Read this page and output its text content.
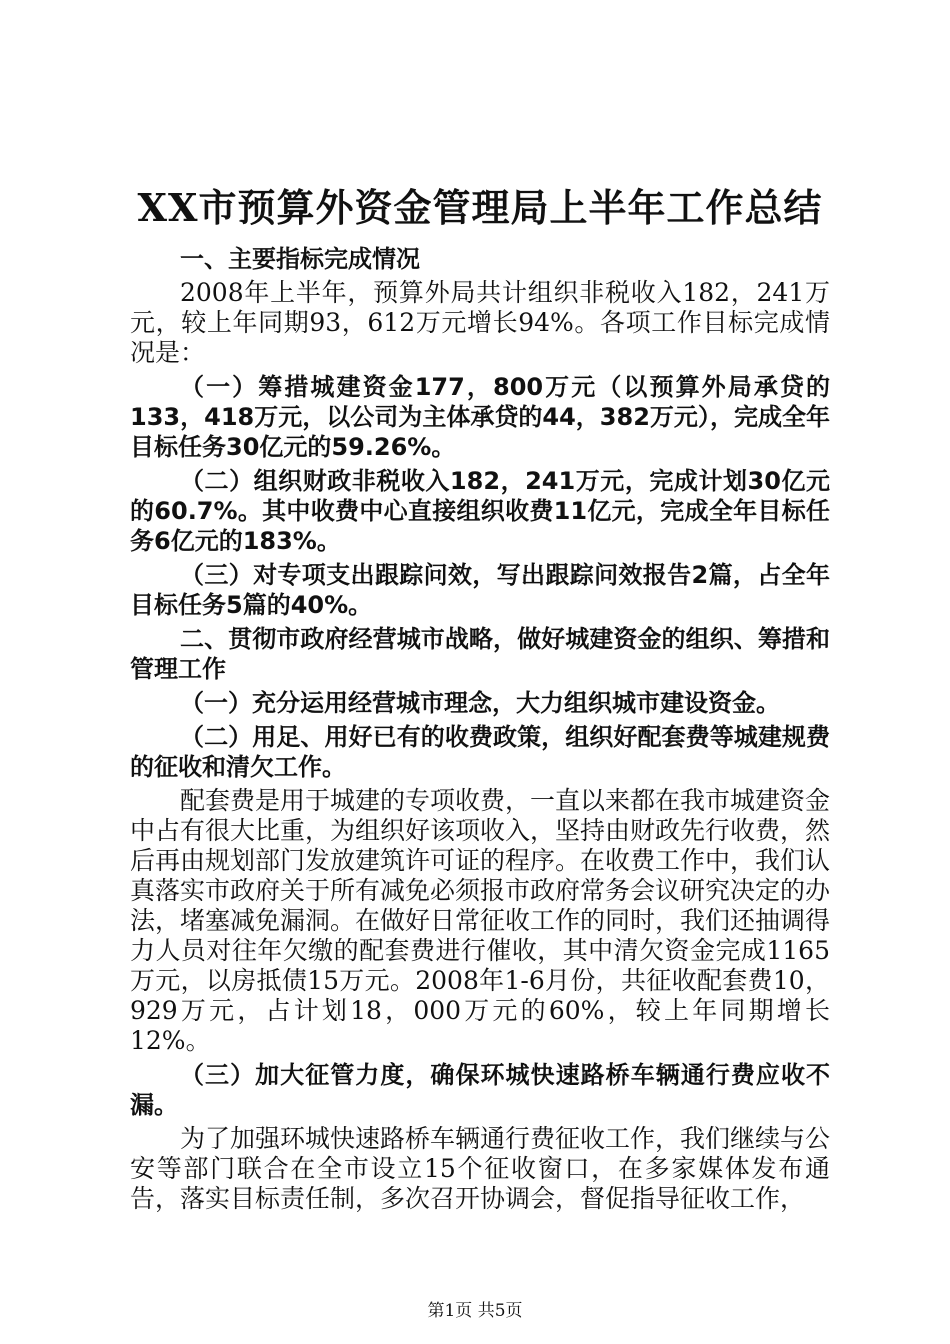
XX市预算外资金管理局上半年工作总结

一、主要指标完成情况

2008年上半年，预算外局共计组织非税收入182，241万元，较上年同期93，612万元增长94%。各项工作目标完成情况是：

（一）筹措城建资金177，800万元（以预算外局承贷的133，418万元，以公司为主体承贷的44，382万元），完成全年目标任务30亿元的59.26%。

（二）组织财政非税收入182，241万元，完成计划30亿元的60.7%。其中收费中心直接组织收费11亿元，完成全年目标任务6亿元的183%。

（三）对专项支出跟踪问效，写出跟踪问效报告2篇，占全年目标任务5篇的40%。

二、贯彻市政府经营城市战略，做好城建资金的组织、筹措和管理工作

（一）充分运用经营城市理念，大力组织城市建设资金。

（二）用足、用好已有的收费政策，组织好配套费等城建规费的征收和清欠工作。

配套费是用于城建的专项收费，一直以来都在我市城建资金中占有很大比重，为组织好该项收入，坚持由财政先行收费，然后再由规划部门发放建筑许可证的程序。在收费工作中，我们认真落实市政府关于所有减免必须报市政府常务会议研究决定的办法，堵塞减免漏洞。在做好日常征收工作的同时，我们还抽调得力人员对往年欠缴的配套费进行催收，其中清欠资金完成1165万元，以房抵债15万元。2008年1-6月份，共征收配套费10，929万元，占计划18，000万元的60%，较上年同期增长12%。

（三）加大征管力度，确保环城快速路桥车辆通行费应收不漏。

为了加强环城快速路桥车辆通行费征收工作，我们继续与公安等部门联合在全市设立15个征收窗口，在多家媒体发布通告，落实目标责任制，多次召开协调会，督促指导征收工作，

第1页 共5页
